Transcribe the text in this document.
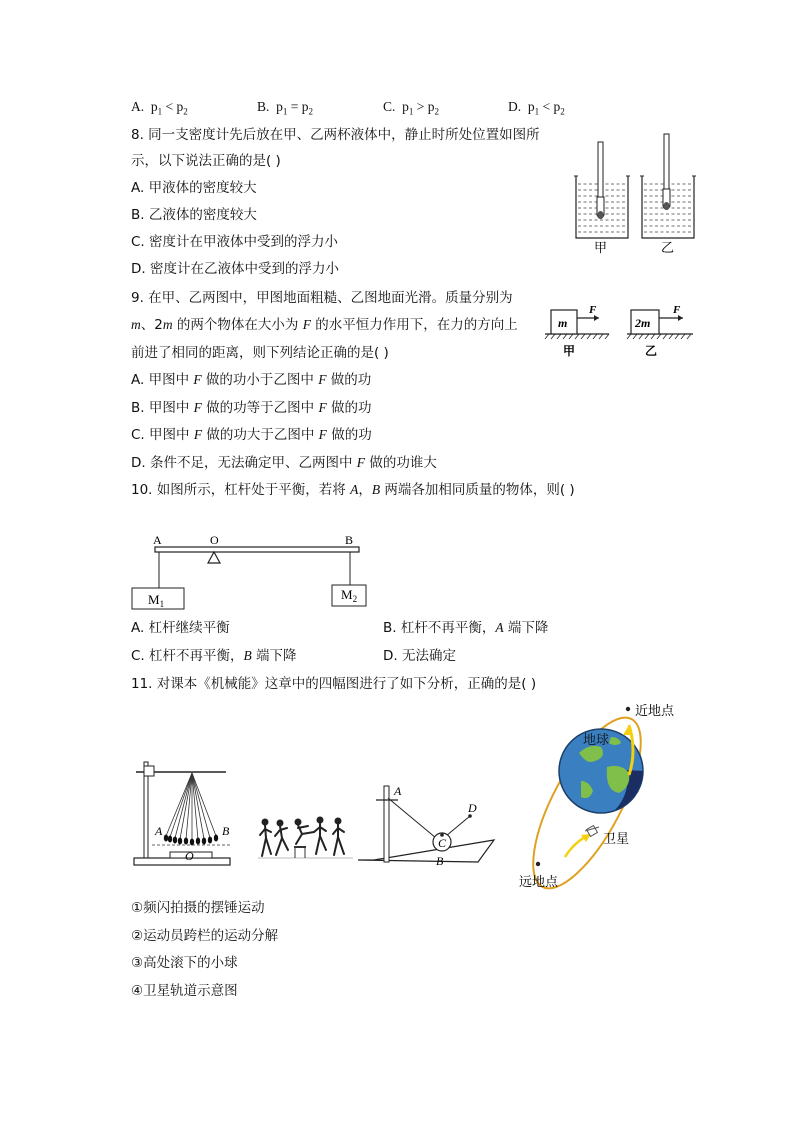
A. $p_1 < p_2$	B. $p_1 = p_2$	C. $p_1 > p_2$	D. $p_1 < p_2$
8. 同一支密度计先后放在甲、乙两杯液体中，静止时所处位置如图所
示，以下说法正确的是( )
A. 甲液体的密度较大
B. 乙液体的密度较大
C. 密度计在甲液体中受到的浮力小
D. 密度计在乙液体中受到的浮力小
甲	乙
9. 在甲、乙两图中，甲图地面粗糙、乙图地面光滑。质量分别为
m、2m 的两个物体在大小为 F 的水平恒力作用下，在力的方向上
前进了相同的距离，则下列结论正确的是( )
A. 甲图中 F 做的功小于乙图中 F 做的功
B. 甲图中 F 做的功等于乙图中 F 做的功
C. 甲图中 F 做的功大于乙图中 F 做的功
D. 条件不足，无法确定甲、乙两图中 F 做的功谁大
m
F
甲
2m
F
乙
10. 如图所示，杠杆处于平衡，若将 A，B 两端各加相同质量的物体，则( )
A	O	B
$M_1$
$M_2$
A. 杠杆继续平衡	B. 杠杆不再平衡，A 端下降
C. 杠杆不再平衡，B 端下降	D. 无法确定
11. 对课本《机械能》这章中的四幅图进行了如下分析，正确的是( )
A	B
O
A
C
B
D
近地点
地球
卫星
远地点
①频闪拍摄的摆锤运动
②运动员跨栏的运动分解
③高处滚下的小球
④卫星轨道示意图
